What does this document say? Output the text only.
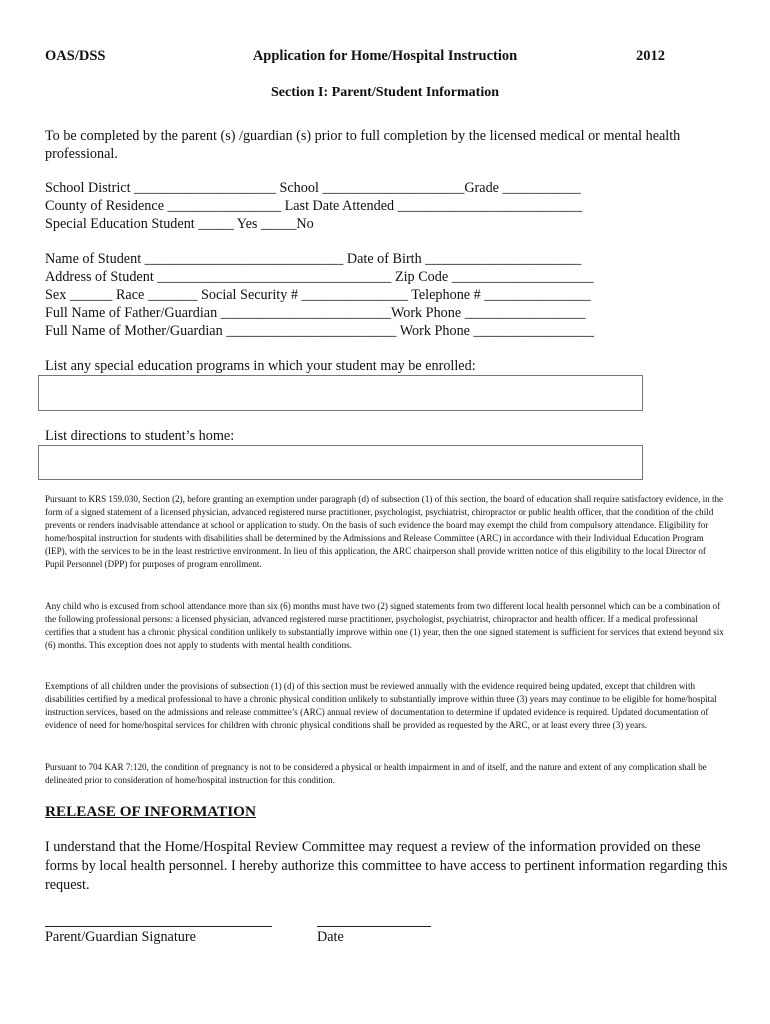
OAS/DSS	Application for Home/Hospital Instruction	2012
Section I: Parent/Student Information
To be completed by the parent (s) /guardian (s) prior to full completion by the licensed medical or mental health professional.
School District ____________________ School ____________________Grade ___________
County of Residence ________________ Last Date Attended __________________________
Special Education Student _____ Yes _____No
Name of Student ____________________________ Date of Birth ______________________
Address of Student _________________________________ Zip Code ____________________
Sex ______ Race _______ Social Security # _______________ Telephone # _______________
Full Name of Father/Guardian ________________________Work Phone _________________
Full Name of Mother/Guardian ________________________ Work Phone _________________
List any special education programs in which your student may be enrolled:
List directions to student’s home:
Pursuant to KRS 159.030, Section (2), before granting an exemption under paragraph (d) of subsection (1) of this section, the board of education shall require satisfactory evidence, in the form of a signed statement of a licensed physician, advanced registered nurse practitioner, psychologist, psychiatrist, chiropractor or public health officer, that the condition of the child prevents or renders inadvisable attendance at school or application to study. On the basis of such evidence the board may exempt the child from compulsory attendance. Eligibility for home/hospital instruction for students with disabilities shall be determined by the Admissions and Release Committee (ARC) in accordance with their Individual Education Program (IEP), with the services to be in the least restrictive environment. In lieu of this application, the ARC chairperson shall provide written notice of this eligibility to the local Director of Pupil Personnel (DPP) for purposes of program enrollment.
Any child who is excused from school attendance more than six (6) months must have two (2) signed statements from two different local health personnel which can be a combination of the following professional persons: a licensed physician, advanced registered nurse practitioner, psychologist, psychiatrist, chiropractor and health officer. If a medical professional certifies that a student has a chronic physical condition unlikely to substantially improve within one (1) year, then the one signed statement is sufficient for services that extend beyond six (6) months. This exception does not apply to students with mental health conditions.
Exemptions of all children under the provisions of subsection (1) (d) of this section must be reviewed annually with the evidence required being updated, except that children with disabilities certified by a medical professional to have a chronic physical condition unlikely to substantially improve within three (3) years may continue to be eligible for home/hospital instruction services, based on the admissions and release committee’s (ARC) annual review of documentation to determine if updated evidence is required. Updated documentation of evidence of need for home/hospital services for children with chronic physical conditions shall be provided as requested by the ARC, or at least every three (3) years.
Pursuant to 704 KAR 7:120, the condition of pregnancy is not to be considered a physical or health impairment in and of itself, and the nature and extent of any complication shall be delineated prior to consideration of home/hospital instruction for this condition.
RELEASE OF INFORMATION
I understand that the Home/Hospital Review Committee may request a review of the information provided on these forms by local health personnel. I hereby authorize this committee to have access to pertinent information regarding this request.
Parent/Guardian Signature	Date
